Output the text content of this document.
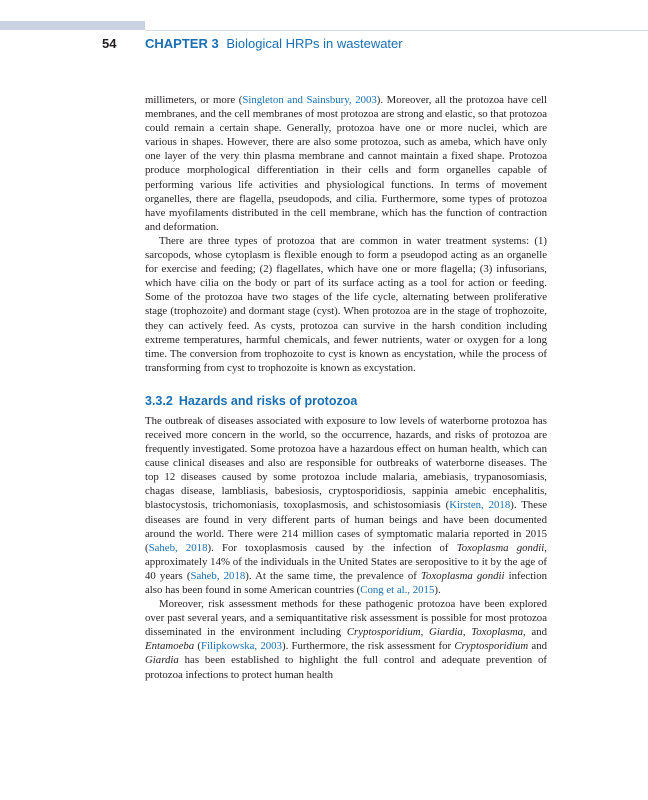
54 CHAPTER 3 Biological HRPs in wastewater

millimeters, or more (Singleton and Sainsbury, 2003). Moreover, all the protozoa have cell membranes, and the cell membranes of most protozoa are strong and elastic, so that protozoa could remain a certain shape. Generally, protozoa have one or more nuclei, which are various in shapes. However, there are also some protozoa, such as ameba, which have only one layer of the very thin plasma membrane and cannot maintain a fixed shape. Protozoa produce morphological differentiation in their cells and form organelles capable of performing various life activities and physiological functions. In terms of movement organelles, there are flagella, pseudopods, and cilia. Furthermore, some types of protozoa have myofilaments distributed in the cell membrane, which has the function of contraction and deformation.

There are three types of protozoa that are common in water treatment systems: (1) sarcopods, whose cytoplasm is flexible enough to form a pseudopod acting as an organelle for exercise and feeding; (2) flagellates, which have one or more flagella; (3) infusorians, which have cilia on the body or part of its surface acting as a tool for action or feeding. Some of the protozoa have two stages of the life cycle, alternating between proliferative stage (trophozoite) and dormant stage (cyst). When protozoa are in the stage of trophozoite, they can actively feed. As cysts, protozoa can survive in the harsh condition including extreme temperatures, harmful chemicals, and fewer nutrients, water or oxygen for a long time. The conversion from trophozoite to cyst is known as encystation, while the process of transforming from cyst to trophozoite is known as excystation.

3.3.2 Hazards and risks of protozoa

The outbreak of diseases associated with exposure to low levels of waterborne protozoa has received more concern in the world, so the occurrence, hazards, and risks of protozoa are frequently investigated. Some protozoa have a hazardous effect on human health, which can cause clinical diseases and also are responsible for outbreaks of waterborne diseases. The top 12 diseases caused by some protozoa include malaria, amebiasis, trypanosomiasis, chagas disease, lambliasis, babesiosis, cryptosporidiosis, sappinia amebic encephalitis, blastocystosis, trichomoniasis, toxoplasmosis, and schistosomiasis (Kirsten, 2018). These diseases are found in very different parts of human beings and have been documented around the world. There were 214 million cases of symptomatic malaria reported in 2015 (Saheb, 2018). For toxoplasmosis caused by the infection of Toxoplasma gondii, approximately 14% of the individuals in the United States are seropositive to it by the age of 40 years (Saheb, 2018). At the same time, the prevalence of Toxoplasma gondii infection also has been found in some American countries (Cong et al., 2015).

Moreover, risk assessment methods for these pathogenic protozoa have been explored over past several years, and a semiquantitative risk assessment is possible for most protozoa disseminated in the environment including Cryptosporidium, Giardia, Toxoplasma, and Entamoeba (Filipkowska, 2003). Furthermore, the risk assessment for Cryptosporidium and Giardia has been established to highlight the full control and adequate prevention of protozoa infections to protect human health
